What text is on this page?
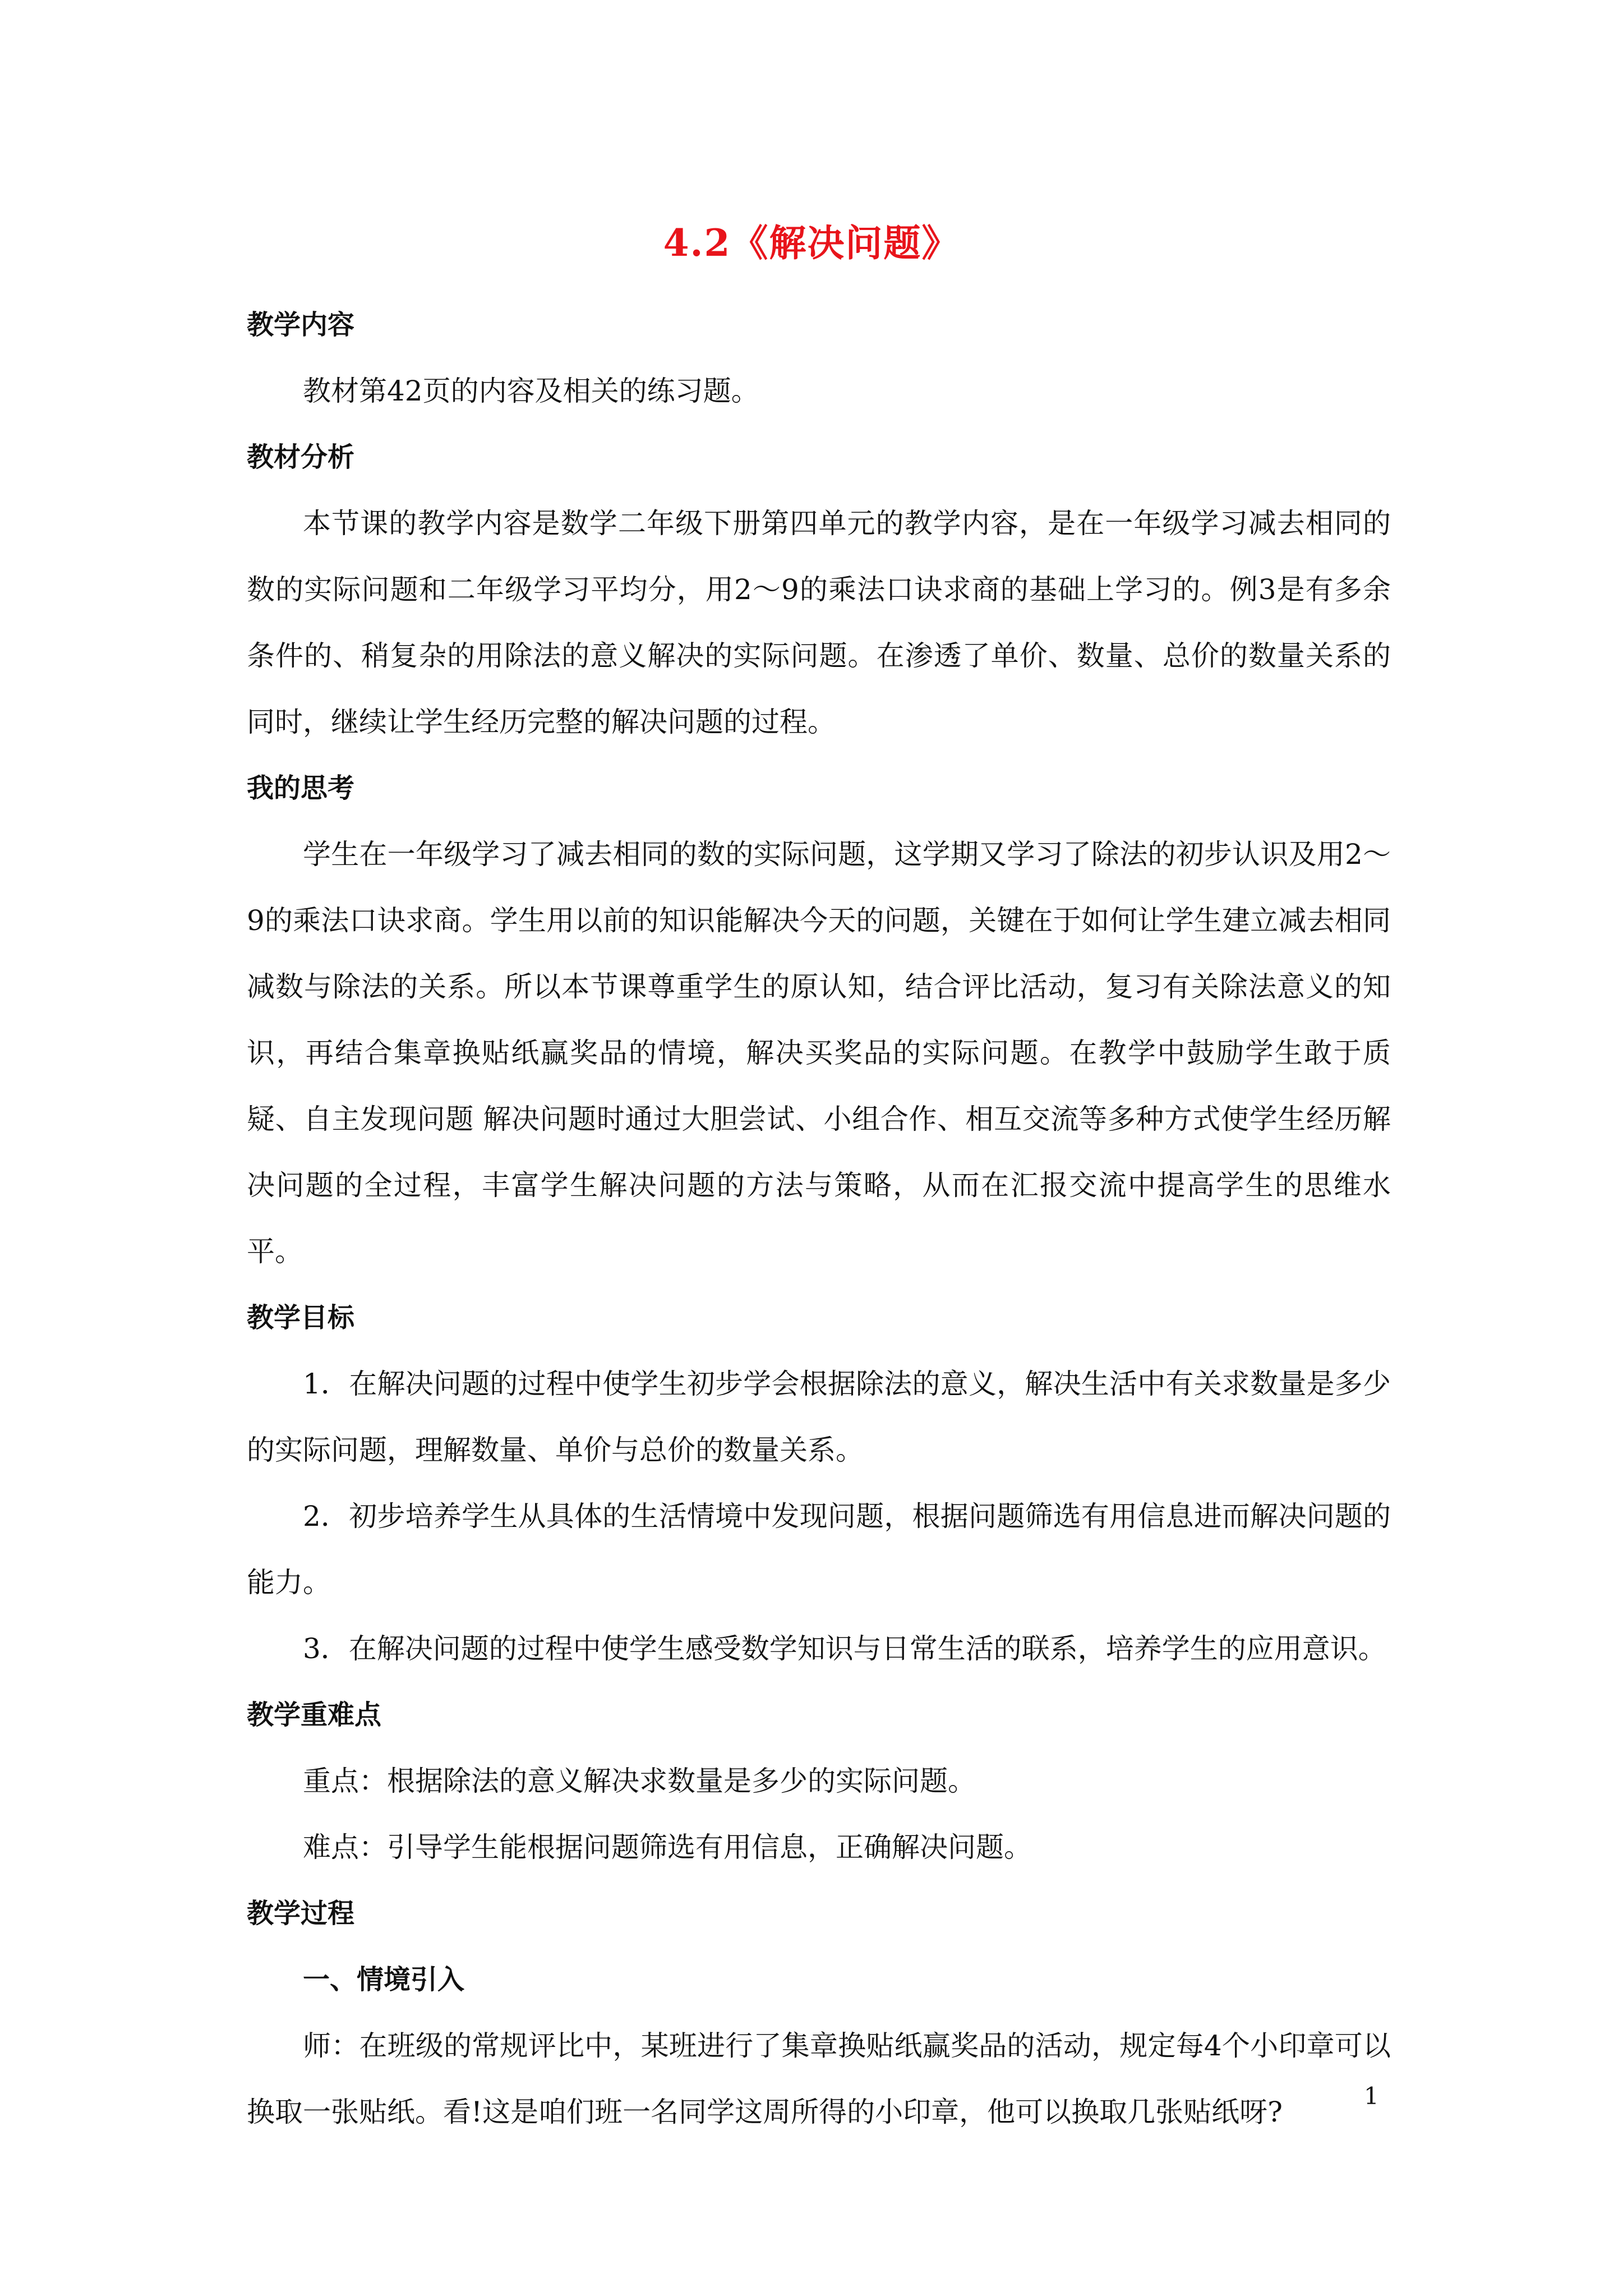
4.2《解决问题》

教学内容

教材第42页的内容及相关的练习题。

教材分析

本节课的教学内容是数学二年级下册第四单元的教学内容，是在一年级学习减去相同的数的实际问题和二年级学习平均分，用2～9的乘法口诀求商的基础上学习的。例3是有多余条件的、稍复杂的用除法的意义解决的实际问题。在渗透了单价、数量、总价的数量关系的同时，继续让学生经历完整的解决问题的过程。

我的思考

学生在一年级学习了减去相同的数的实际问题，这学期又学习了除法的初步认识及用2～9的乘法口诀求商。学生用以前的知识能解决今天的问题，关键在于如何让学生建立减去相同减数与除法的关系。所以本节课尊重学生的原认知，结合评比活动，复习有关除法意义的知识，再结合集章换贴纸赢奖品的情境，解决买奖品的实际问题。在教学中鼓励学生敢于质疑、自主发现问题 解决问题时通过大胆尝试、小组合作、相互交流等多种方式使学生经历解决问题的全过程，丰富学生解决问题的方法与策略，从而在汇报交流中提高学生的思维水平。

教学目标

1．在解决问题的过程中使学生初步学会根据除法的意义，解决生活中有关求数量是多少的实际问题，理解数量、单价与总价的数量关系。

2．初步培养学生从具体的生活情境中发现问题，根据问题筛选有用信息进而解决问题的能力。

3．在解决问题的过程中使学生感受数学知识与日常生活的联系，培养学生的应用意识。

教学重难点

重点：根据除法的意义解决求数量是多少的实际问题。

难点：引导学生能根据问题筛选有用信息，正确解决问题。

教学过程

一、情境引入

师：在班级的常规评比中，某班进行了集章换贴纸赢奖品的活动，规定每4个小印章可以换取一张贴纸。看!这是咱们班一名同学这周所得的小印章，他可以换取几张贴纸呀?	1
